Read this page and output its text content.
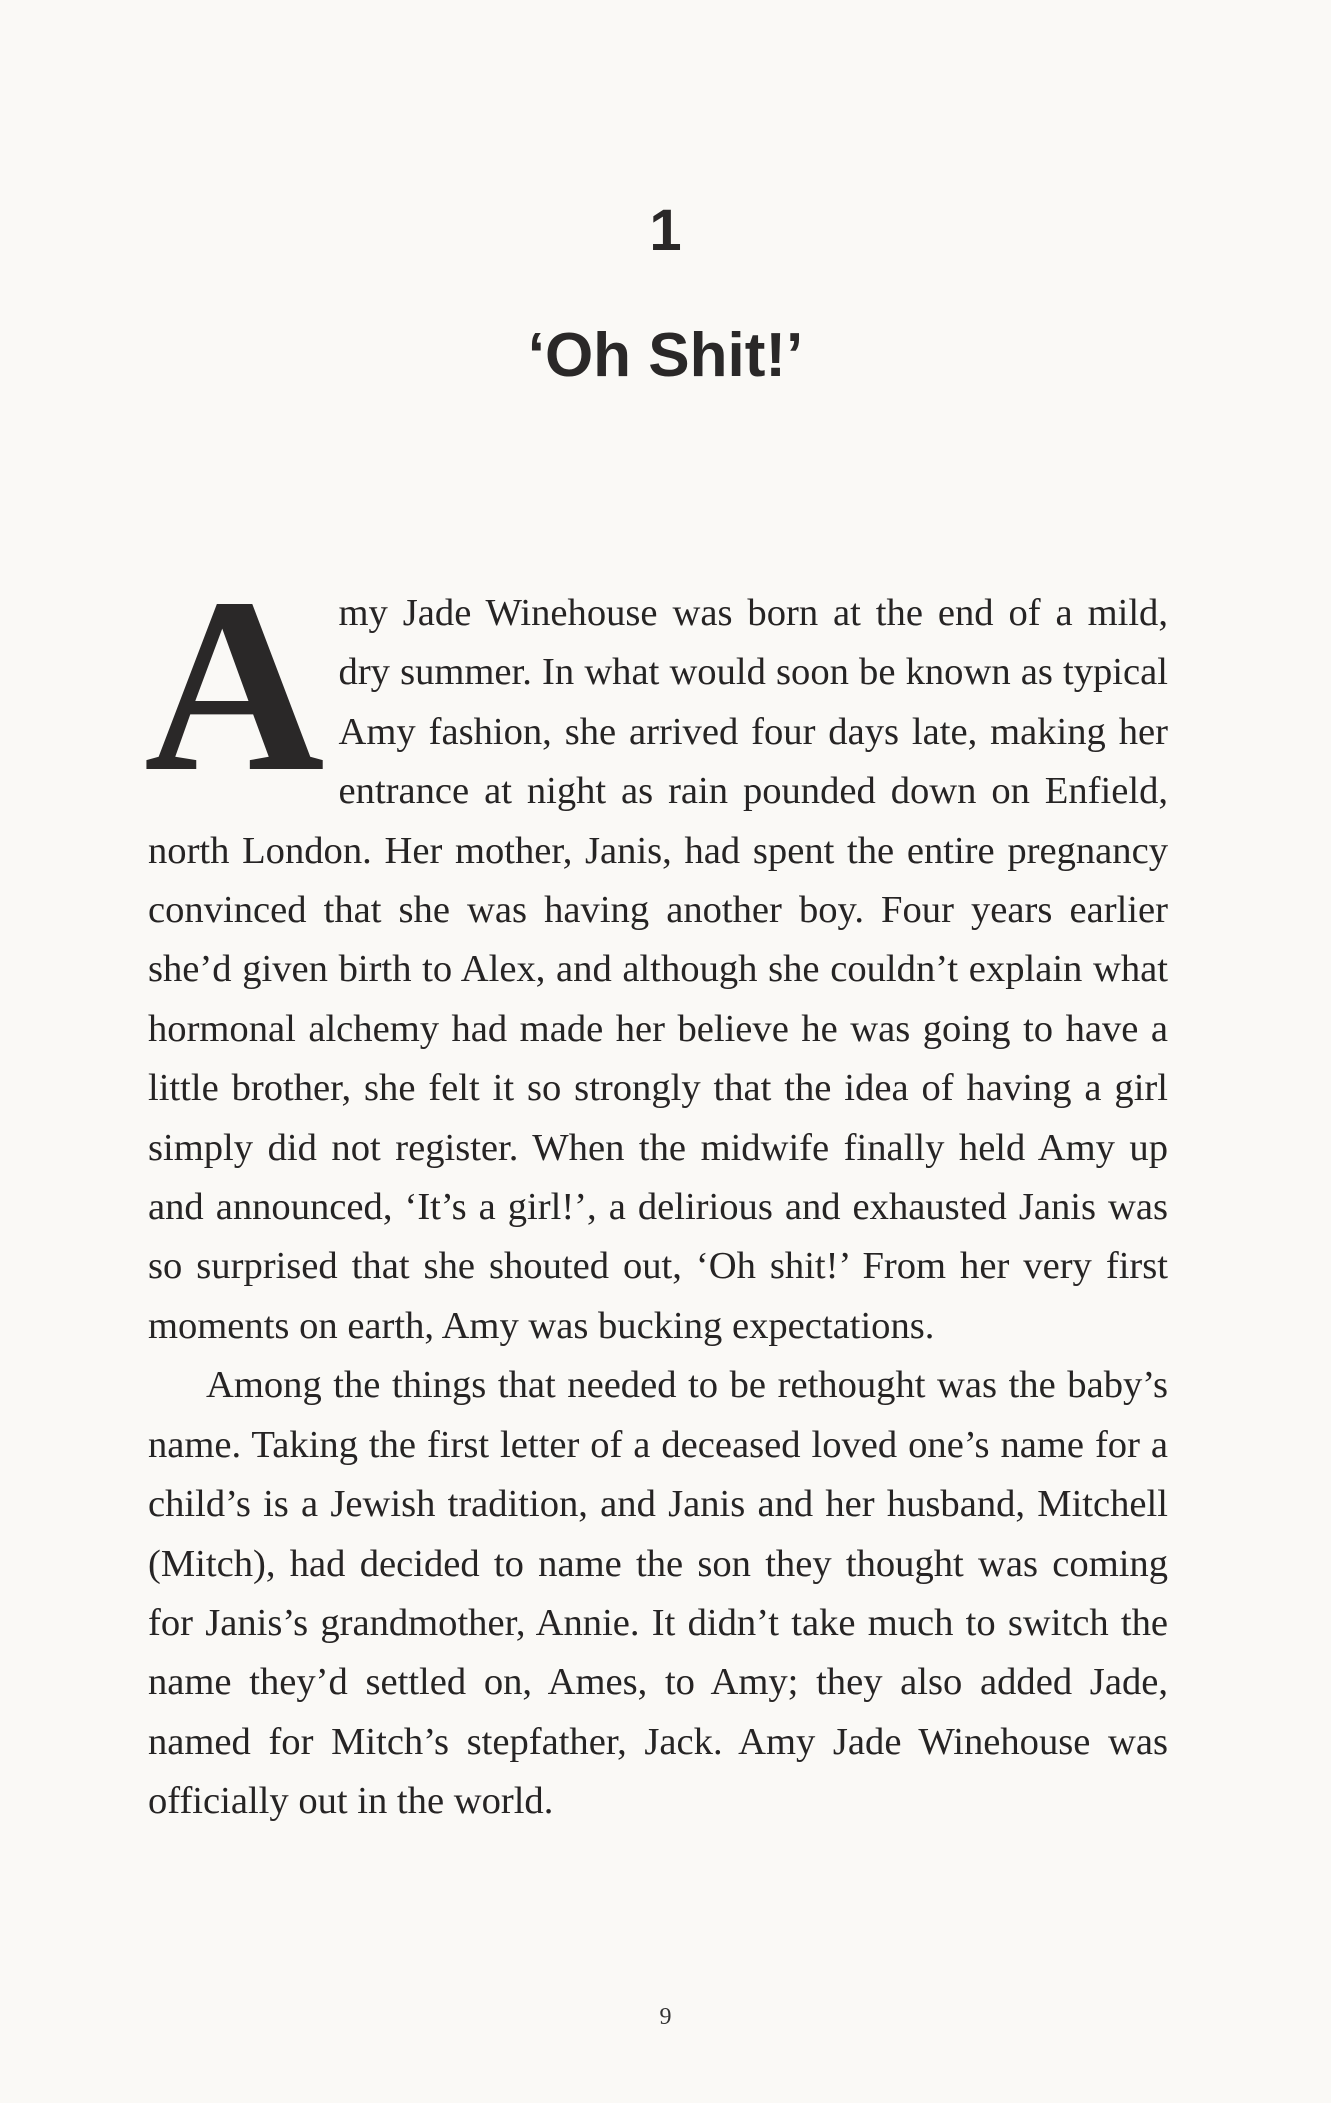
1
‘Oh Shit!’

Amy Jade Winehouse was born at the end of a mild, dry summer. In what would soon be known as typical Amy fashion, she arrived four days late, making her entrance at night as rain pounded down on Enfield, north London. Her mother, Janis, had spent the entire pregnancy convinced that she was having another boy. Four years earlier she’d given birth to Alex, and although she couldn’t explain what hormonal alchemy had made her believe he was going to have a little brother, she felt it so strongly that the idea of having a girl simply did not register. When the midwife finally held Amy up and announced, ‘It’s a girl!’, a delirious and exhausted Janis was so surprised that she shouted out, ‘Oh shit!’ From her very first moments on earth, Amy was bucking expectations.

Among the things that needed to be rethought was the baby’s name. Taking the first letter of a deceased loved one’s name for a child’s is a Jewish tradition, and Janis and her husband, Mitchell (Mitch), had decided to name the son they thought was coming for Janis’s grandmother, Annie. It didn’t take much to switch the name they’d settled on, Ames, to Amy; they also added Jade, named for Mitch’s stepfather, Jack. Amy Jade Winehouse was officially out in the world.

9
